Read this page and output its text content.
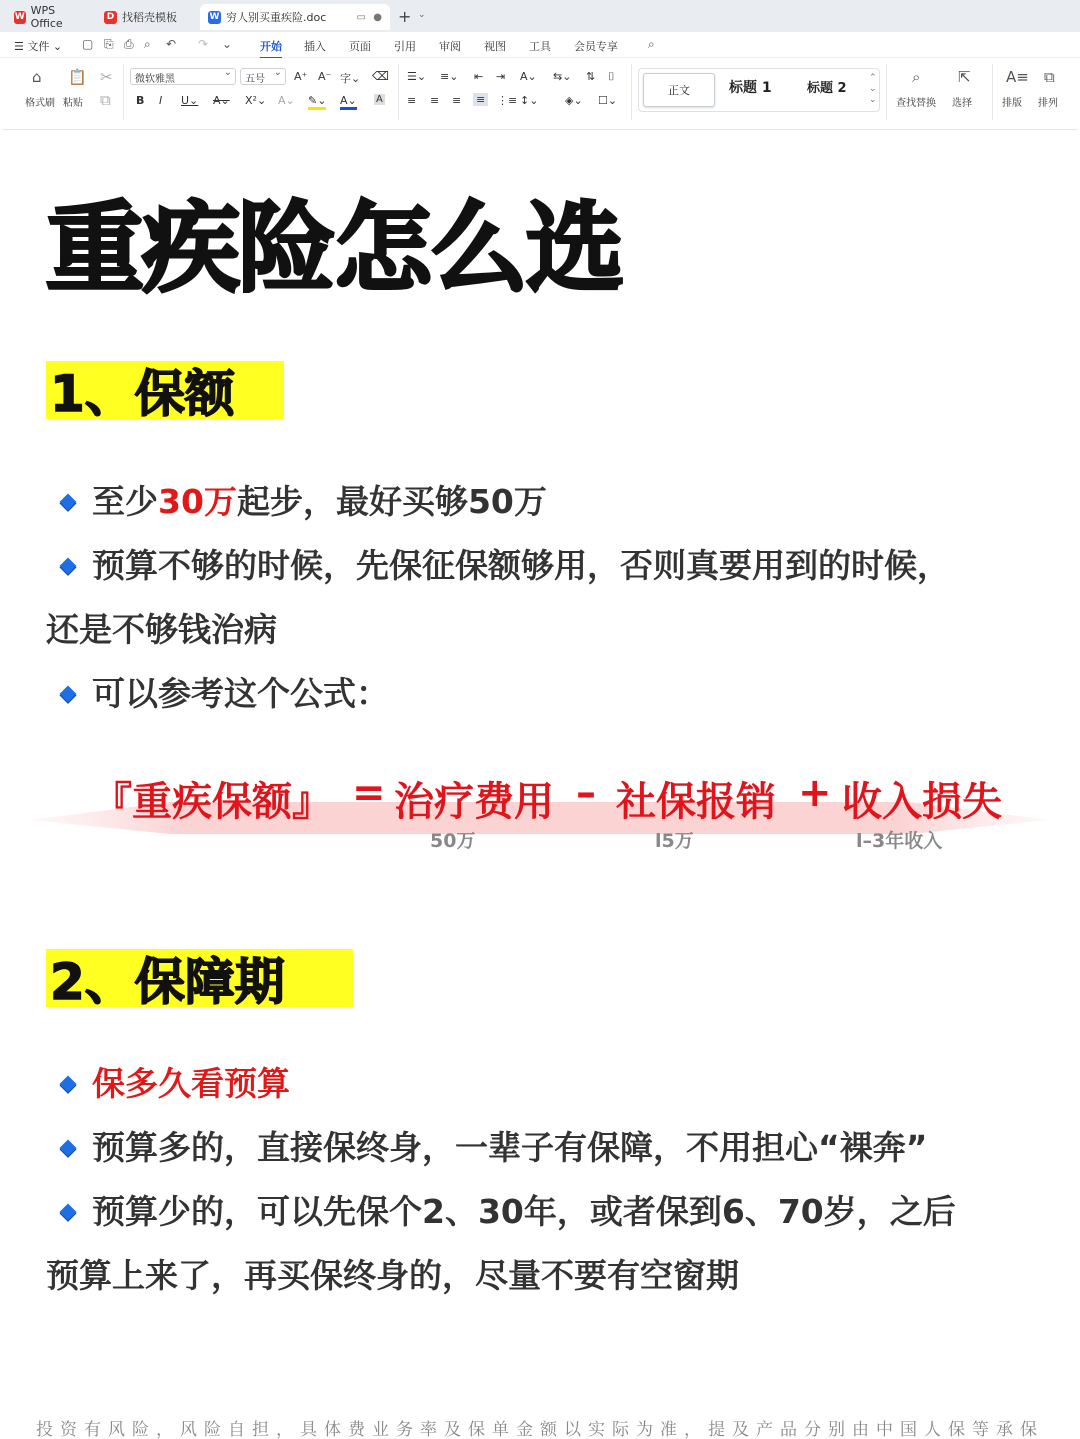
W WPS Office	D 找稻壳模板	W 穷人别买重疾险.doc	▭ ● + ⌄
☰ 文件 ⌄ ▢ ⎘ ⎙ ⌕ ↶ ↷ ⌄	开始 插入 页面 引用 审阅 视图 工具 会员专享	⌕
⌂
格式刷
📋
粘贴
✂
⧉
微软雅黑 ⌄	五号 ⌄	A⁺ A⁻ 字⌄ ⌫
B I U⌄ A⌄ X²⌄ A⌄ ✎⌄ A⌄ A
☰⌄ ≡⌄ ⇤ ⇥ A⌄ ⇆⌄ ⇅ ⌷
≡ ≡ ≡ ≡ ⋮≡ ↕⌄ ◈⌄ ☐⌄
正文	标题 1	标题 2
⌃
⌄
⌄
⌕
查找替换
⇱
选择
A≡
排版
⧉
排列
重疾险怎么选
1、保额
至少30万起步，最好买够50万
预算不够的时候，先保征保额够用，否则真要用到的时候，
还是不够钱治病
可以参考这个公式：
『重疾保额』 = 治疗费用 – 社保报销 + 收入损失
50万	l5万	l–3年收入
2、保障期
保多久看预算
预算多的，直接保终身，一辈子有保障，不用担心“裸奔”
预算少的，可以先保个2、30年，或者保到6、70岁，之后
预算上来了，再买保终身的，尽量不要有空窗期
投资有风险，风险自担，具体费业务率及保单金额以实际为准，提及产品分别由中国人保等承保
